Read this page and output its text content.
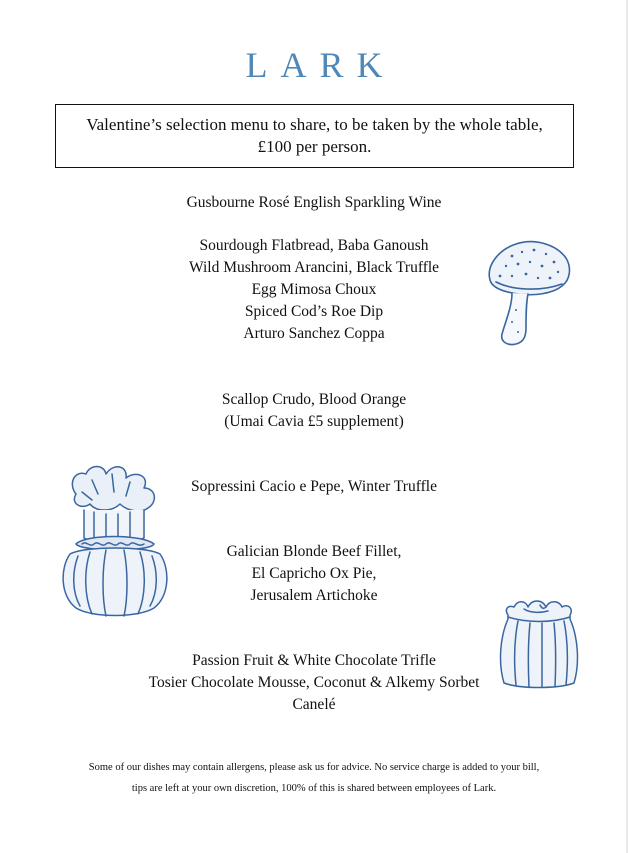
LARK
Valentine’s selection menu to share, to be taken by the whole table,
£100 per person.
Gusbourne Rosé English Sparkling Wine
Sourdough Flatbread, Baba Ganoush
Wild Mushroom Arancini, Black Truffle
Egg Mimosa Choux
Spiced Cod’s Roe Dip
Arturo Sanchez Coppa
Scallop Crudo, Blood Orange
(Umai Cavia £5 supplement)
Sopressini Cacio e Pepe, Winter Truffle
Galician Blonde Beef Fillet,
El Capricho Ox Pie,
Jerusalem Artichoke
Passion Fruit & White Chocolate Trifle
Tosier Chocolate Mousse, Coconut & Alkemy Sorbet
Canelé
Some of our dishes may contain allergens, please ask us for advice. No service charge is added to your bill,
tips are left at your own discretion, 100% of this is shared between employees of Lark.
